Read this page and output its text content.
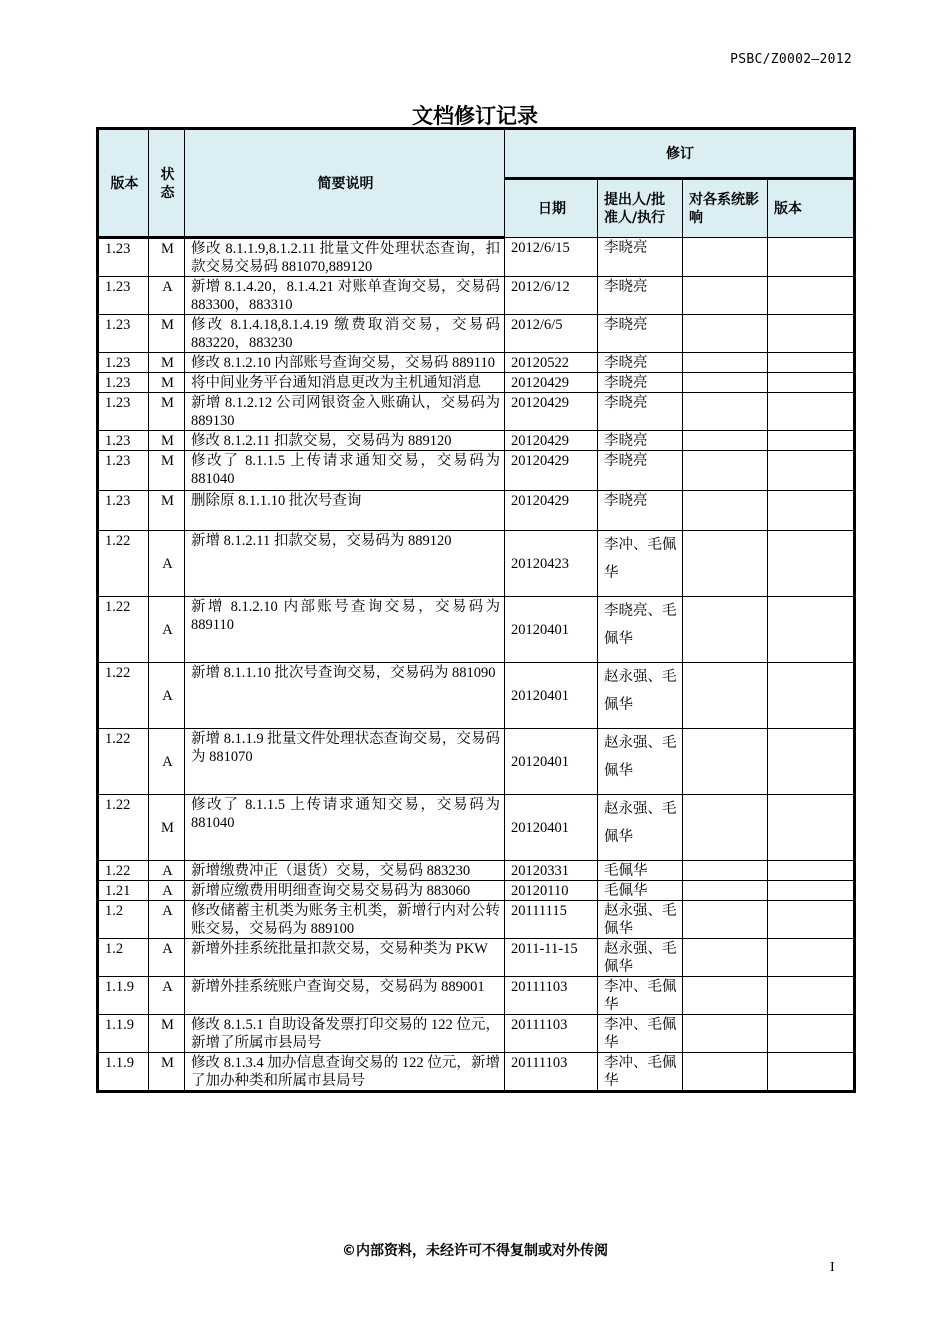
PSBC/Z0002—2012
文档修订记录
版本	状态	简要说明	修订			
			日期	提出人/批准人/执行	对各系统影响	版本
1.23	M	修改 8.1.1.9,8.1.2.11 批量文件处理状态查询，扣款交易交易码 881070,889120	2012/6/15	李晓亮		
1.23	A	新增 8.1.4.20，8.1.4.21 对账单查询交易，交易码 883300，883310	2012/6/12	李晓亮		
1.23	M	修改 8.1.4.18,8.1.4.19 缴费取消交易，交易码 883220，883230	2012/6/5	李晓亮		
1.23	M	修改 8.1.2.10 内部账号查询交易，交易码 889110	20120522	李晓亮		
1.23	M	将中间业务平台通知消息更改为主机通知消息	20120429	李晓亮		
1.23	M	新增 8.1.2.12 公司网银资金入账确认，交易码为 889130	20120429	李晓亮		
1.23	M	修改 8.1.2.11 扣款交易，交易码为 889120	20120429	李晓亮		
1.23	M	修改了 8.1.1.5 上传请求通知交易，交易码为 881040	20120429	李晓亮		
1.23	M	删除原 8.1.1.10 批次号查询	20120429	李晓亮		
1.22	A	新增 8.1.2.11 扣款交易，交易码为 889120	20120423	李冲、毛佩华		
1.22	A	新增 8.1.2.10 内部账号查询交易，交易码为 889110	20120401	李晓亮、毛佩华		
1.22	A	新增 8.1.1.10 批次号查询交易，交易码为 881090	20120401	赵永强、毛佩华		
1.22	A	新增 8.1.1.9 批量文件处理状态查询交易，交易码为 881070	20120401	赵永强、毛佩华		
1.22	M	修改了 8.1.1.5 上传请求通知交易，交易码为 881040	20120401	赵永强、毛佩华		
1.22	A	新增缴费冲正（退货）交易，交易码 883230	20120331	毛佩华		
1.21	A	新增应缴费用明细查询交易交易码为 883060	20120110	毛佩华		
1.2	A	修改储蓄主机类为账务主机类，新增行内对公转账交易，交易码为 889100	20111115	赵永强、毛佩华		
1.2	A	新增外挂系统批量扣款交易，交易种类为 PKW	2011-11-15	赵永强、毛佩华		
1.1.9	A	新增外挂系统账户查询交易，交易码为 889001	20111103	李冲、毛佩华		
1.1.9	M	修改 8.1.5.1 自助设备发票打印交易的 122 位元，新增了所属市县局号	20111103	李冲、毛佩华		
1.1.9	M	修改 8.1.3.4 加办信息查询交易的 122 位元，新增了加办种类和所属市县局号	20111103	李冲、毛佩华		
©内部资料，未经许可不得复制或对外传阅
I
